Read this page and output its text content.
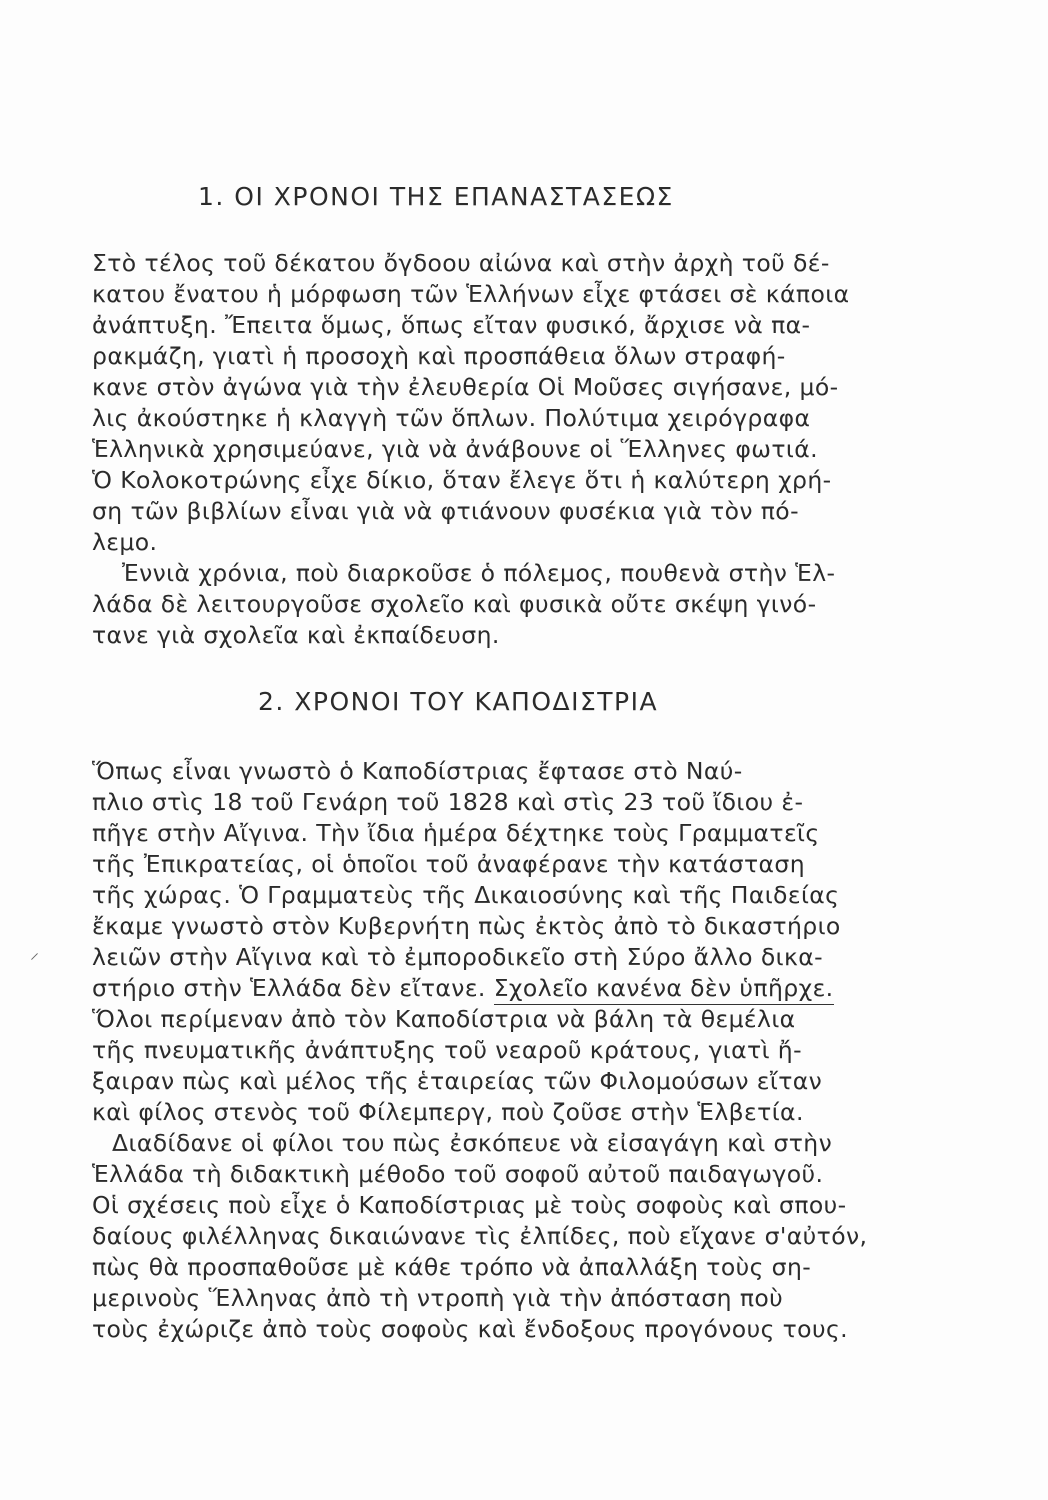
1. ΟΙ ΧΡΟΝΟΙ ΤΗΣ ΕΠΑΝΑΣΤΑΣΕΩΣ
Στὸ τέλος τοῦ δέκατου ὄγδοου αἰώνα καὶ στὴν ἀρχὴ τοῦ δέ-
κατου ἔνατου ἡ μόρφωση τῶν Ἑλλήνων εἶχε φτάσει σὲ κάποια
ἀνάπτυξη. Ἔπειτα ὅμως, ὅπως εἴταν φυσικό, ἄρχισε νὰ πα-
ρακμάζη, γιατὶ ἡ προσοχὴ καὶ προσπάθεια ὅλων στραφή-
κανε στὸν ἀγώνα γιὰ τὴν ἐλευθερία Οἱ Μοῦσες σιγήσανε, μό-
λις ἀκούστηκε ἡ κλαγγὴ τῶν ὅπλων. Πολύτιμα χειρόγραφα
Ἑλληνικὰ χρησιμεύανε, γιὰ νὰ ἀνάβουνε οἱ Ἕλληνες φωτιά.
Ὁ Κολοκοτρώνης εἶχε δίκιο, ὅταν ἔλεγε ὅτι ἡ καλύτερη χρή-
ση τῶν βιβλίων εἶναι γιὰ νὰ φτιάνουν φυσέκια γιὰ τὸν πό-
λεμο.
Ἐννιὰ χρόνια, ποὺ διαρκοῦσε ὁ πόλεμος, πουθενὰ στὴν Ἑλ-
λάδα δὲ λειτουργοῦσε σχολεῖο καὶ φυσικὰ οὔτε σκέψη γινό-
τανε γιὰ σχολεῖα καὶ ἐκπαίδευση.
2. ΧΡΟΝΟΙ ΤΟΥ ΚΑΠΟΔΙΣΤΡΙΑ
Ὅπως εἶναι γνωστὸ ὁ Καποδίστριας ἔφτασε στὸ Ναύ-
πλιο στὶς 18 τοῦ Γενάρη τοῦ 1828 καὶ στὶς 23 τοῦ ἴδιου ἐ-
πῆγε στὴν Αἴγινα. Τὴν ἴδια ἡμέρα δέχτηκε τοὺς Γραμματεῖς
τῆς Ἐπικρατείας, οἱ ὁποῖοι τοῦ ἀναφέρανε τὴν κατάσταση
τῆς χώρας. Ὁ Γραμματεὺς τῆς Δικαιοσύνης καὶ τῆς Παιδείας
ἔκαμε γνωστὸ στὸν Κυβερνήτη πὼς ἐκτὸς ἀπὸ τὸ δικαστήριο
λειῶν στὴν Αἴγινα καὶ τὸ ἐμποροδικεῖο στὴ Σύρο ἄλλο δικα-
στήριο στὴν Ἑλλάδα δὲν εἴτανε. Σχολεῖο κανένα δὲν ὑπῆρχε.
Ὅλοι περίμεναν ἀπὸ τὸν Καποδίστρια νὰ βάλη τὰ θεμέλια
τῆς πνευματικῆς ἀνάπτυξης τοῦ νεαροῦ κράτους, γιατὶ ἤ-
ξαιραν πὼς καὶ μέλος τῆς ἑταιρείας τῶν Φιλομούσων εἴταν
καὶ φίλος στενὸς τοῦ Φίλεμπεργ, ποὺ ζοῦσε στὴν Ἑλβετία.
Διαδίδανε οἱ φίλοι του πὼς ἐσκόπευε νὰ εἰσαγάγη καὶ στὴν
Ἑλλάδα τὴ διδακτικὴ μέθοδο τοῦ σοφοῦ αὐτοῦ παιδαγωγοῦ.
Οἱ σχέσεις ποὺ εἶχε ὁ Καποδίστριας μὲ τοὺς σοφοὺς καὶ σπου-
δαίους φιλέλληνας δικαιώνανε τὶς ἐλπίδες, ποὺ εἴχανε σ'αὐτόν,
πὼς θὰ προσπαθοῦσε μὲ κάθε τρόπο νὰ ἀπαλλάξη τοὺς ση-
μερινοὺς Ἕλληνας ἀπὸ τὴ ντροπὴ γιὰ τὴν ἀπόσταση ποὺ
τοὺς ἐχώριζε ἀπὸ τοὺς σοφοὺς καὶ ἔνδοξους προγόνους τους.
⸍
